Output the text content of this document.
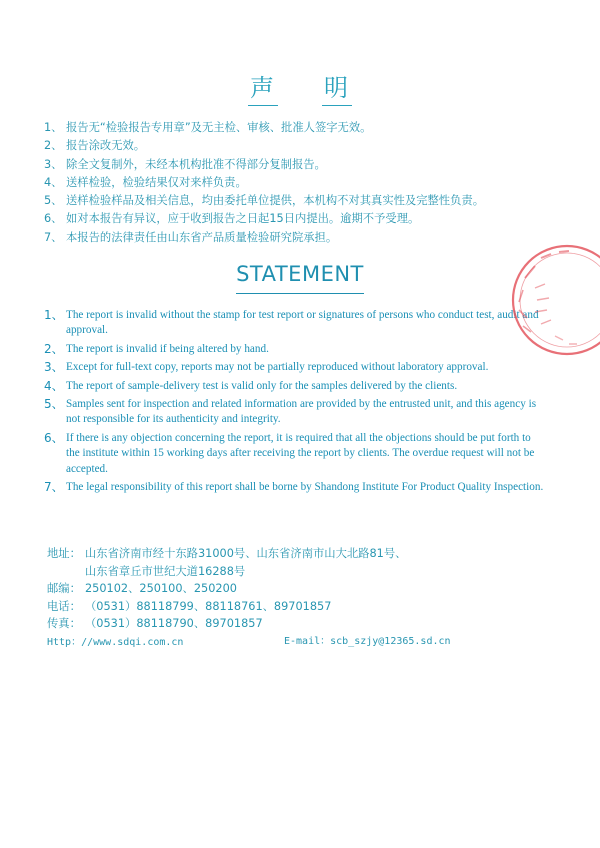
声 明
1、 报告无“检验报告专用章”及无主检、审核、批准人签字无效。
2、 报告涂改无效。
3、 除全文复制外，未经本机构批准不得部分复制报告。
4、 送样检验，检验结果仅对来样负责。
5、 送样检验样品及相关信息，均由委托单位提供，本机构不对其真实性及完整性负责。
6、 如对本报告有异议，应于收到报告之日起15日内提出。逾期不予受理。
7、 本报告的法律责任由山东省产品质量检验研究院承担。
STATEMENT
1、 The report is invalid without the stamp for test report or signatures of persons who conduct test, audit and approval.
2、 The report is invalid if being altered by hand.
3、 Except for full-text copy, reports may not be partially reproduced without laboratory approval.
4、 The report of sample-delivery test is valid only for the samples delivered by the clients.
5、 Samples sent for inspection and related information are provided by the entrusted unit, and this agency is not responsible for its authenticity and integrity.
6、 If there is any objection concerning the report, it is required that all the objections should be put forth to the institute within 15 working days after receiving the report by clients. The overdue request will not be accepted.
7、 The legal responsibility of this report shall be borne by Shandong Institute For Product Quality Inspection.
地址： 山东省济南市经十东路31000号、山东省济南市山大北路81号、
山东省章丘市世纪大道16288号
邮编： 250102、250100、250200
电话： （0531）88118799、88118761、89701857
传真： （0531）88118790、89701857
Http：//www.sdqi.com.cn	E-mail：scb_szjy@12365.sd.cn
